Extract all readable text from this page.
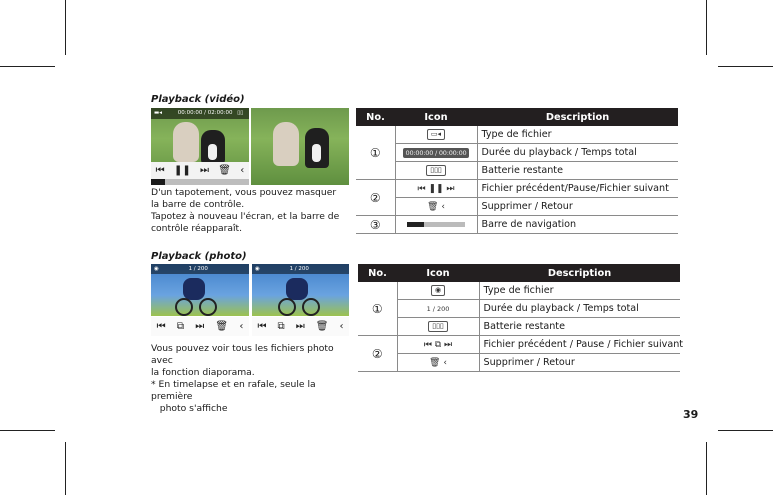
Playback (vidéo)
▬◂	00:00:00 / 02:00:00 ▯▯
⏮ ❚❚ ⏭ 🗑 ‹

D'un tapotement, vous pouvez masquer

la barre de contrôle.

Tapotez à nouveau l'écran, et la barre de

contrôle réapparaît.

No.	Icon	Description
①	▭◂	Type de fichier
	00:00:00 / 00:00:00	Durée du playback / Temps total
	▯▯▯	Batterie restante
②	⏮ ❚❚ ⏭	Fichier précédent/Pause/Fichier suivant
	🗑 ‹	Supprimer / Retour
③		Barre de navigation
Playback (photo)
◉	1 / 200
⏮ ⧉ ⏭ 🗑 ‹
◉	1 / 200
⏮ ⧉ ⏭ 🗑 ‹

Vous pouvez voir tous les fichiers photo avec

la fonction diaporama.

* En timelapse et en rafale, seule la première

photo s'affiche

No.	Icon	Description
①	◉	Type de fichier
	1 / 200	Durée du playback / Temps total
	▯▯▯	Batterie restante
②	⏮ ⧉ ⏭	Fichier précédent / Pause / Fichier suivant
	🗑 ‹	Supprimer / Retour
39
